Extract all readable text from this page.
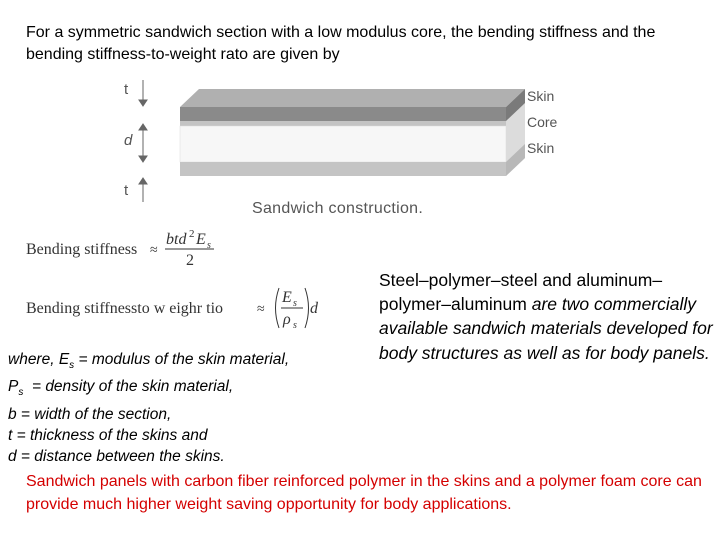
For a symmetric sandwich section with a low modulus core, the bending stiffness and the bending stiffness-to-weight rato are given by
t
d
t
Skin
Core
Skin
Sandwich construction.
Bending stiffness ≈
btd 2 E s
2
Bending stiffnessto w eighr tio ≈
E s
ρ s
d
where, $E_s$ = modulus of the skin material,
$P_s$  = density of the skin material,
b = width of the section,
t = thickness of the skins and
d = distance between the skins.
Steel–polymer–steel and aluminum–polymer–aluminum are two commercially available sandwich materials developed for body structures as well as for body panels.
Sandwich panels with carbon fiber reinforced polymer in the skins and a polymer foam core can provide much higher weight saving opportunity for body applications.
